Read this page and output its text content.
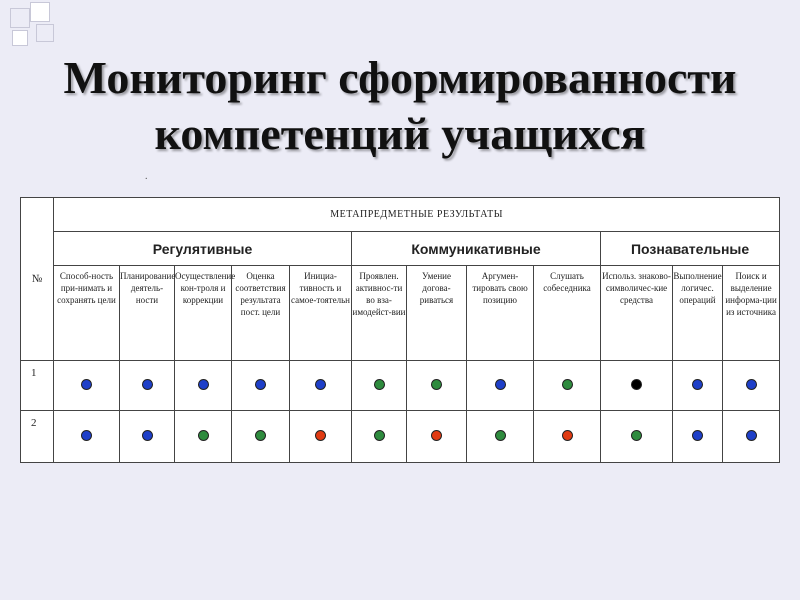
Мониторинг сформированности
компетенций учащихся
.
№	МЕТАПРЕДМЕТНЫЕ РЕЗУЛЬТАТЫ											
	Регулятивные					Коммуникативные				Познавательные		
	Способ-ность при-нимать и сохранять цели	Планирование деятель-ности	Осуществление кон-троля и коррекции	Оценка соответствия результата пост. цели	Инициа-тивность и самое-тоятельн	Проявлен. активнос-ти во вза-имодейст-вии	Умение догова-риваться	Аргумен-тировать свою позицию	Слушать собеседника	Использ. знаково-символичес-кие средства	Выполнение логичес. операций	Поиск и выделение информа-ции из источника
1												
2												
